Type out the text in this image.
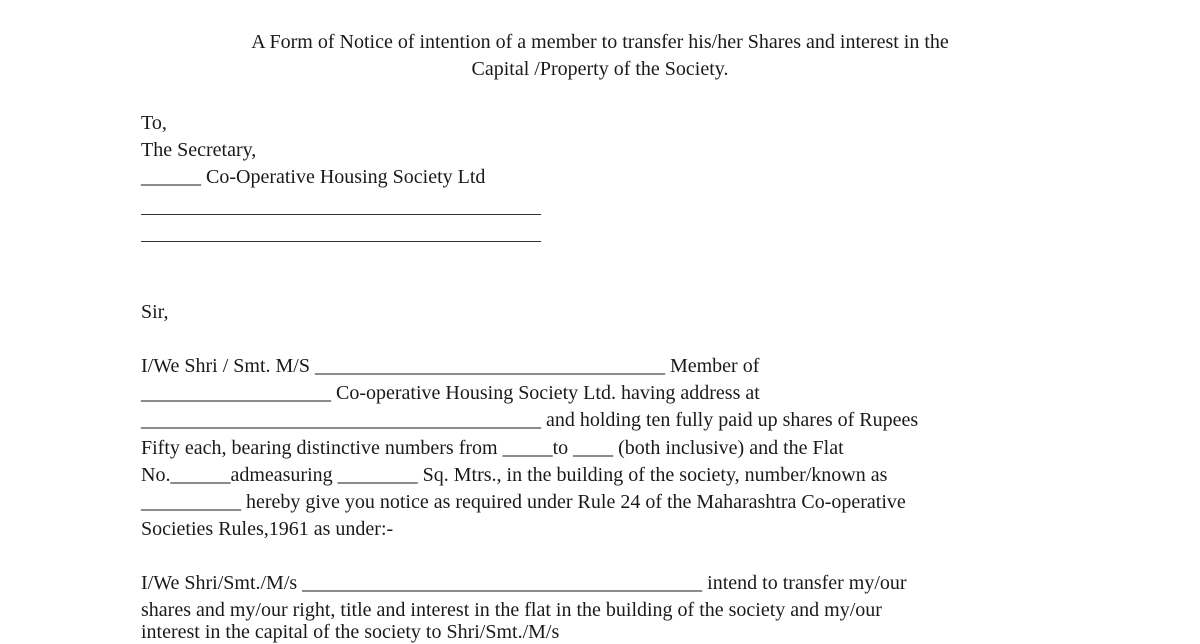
A Form of Notice of intention of a member to transfer his/her Shares and interest in the
Capital /Property of the Society.
To,
The Secretary,
______ Co-Operative Housing Society Ltd
Sir,
I/We Shri / Smt. M/S ___________________________________ Member of
___________________ Co-operative Housing Society Ltd. having address at
________________________________________ and holding ten fully paid up shares of Rupees
Fifty each, bearing distinctive numbers from _____to ____ (both inclusive) and the Flat
No.______admeasuring ________ Sq. Mtrs., in the building of the society, number/known as
__________ hereby give you notice as required under Rule 24 of the Maharashtra Co-operative
Societies Rules,1961 as under:-
I/We Shri/Smt./M/s ________________________________________ intend to transfer my/our
shares and my/our right, title and interest in the flat in the building of the society and my/our
interest in the capital of the society to Shri/Smt./M/s
